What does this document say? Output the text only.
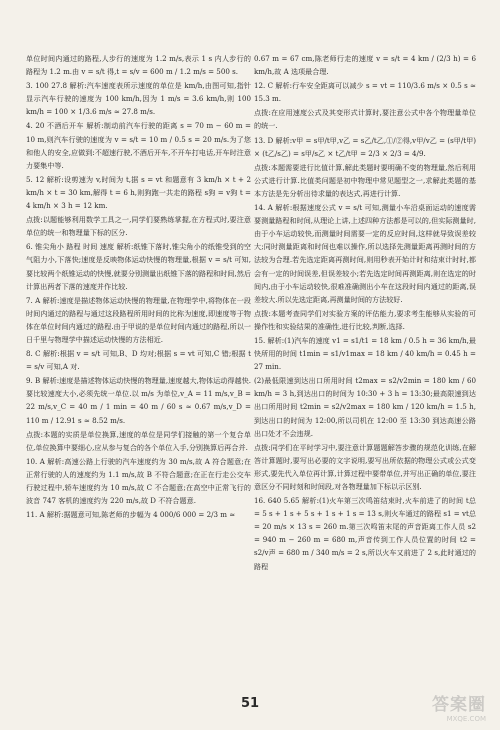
单位时间内通过的路程,人步行的速度为 1.2 m/s,表示 1 s 内人步行的路程为 1.2 m.由 v = s/t 得,t = s/v = 600 m / 1.2 m/s = 500 s.

3. 100 27.8 解析:汽车速度表所示速度的单位是 km/h,由图可知,指针显示汽车行驶的速度为 100 km/h,因为 1 m/s = 3.6 km/h,则 100 km/h = 100 × 1/3.6 m/s ≈ 27.8 m/s.

4. 20 不酒后开车 解析:制动前汽车行驶的距离 s = 70 m − 60 m = 10 m,则汽车行驶的速度为 v = s/t = 10 m / 0.5 s = 20 m/s.为了您和他人的安全,应做到:不超速行驶,不酒后开车,不开车打电话,开车时注意力要集中等.

5. 12 解析:设剪速为 v,时间为 t,据 s = vt 和题意有 3 km/h × t + 2 km/h × t = 30 km,解得 t = 6 h,则狗跑一共走的路程 s狗 = v狗 t = 4 km/h × 3 h = 12 km.

点拨:以题能够利用数学工具之一,同学们要熟练掌握,在方程式时,要注意单位的统一和物理量下标的区分.

6. 锥尖角小 路程 时间 速度 解析:纸锥下落时,锥尖角小的纸锥受到的空气阻力小,下落快;速度是反映物体运动快慢的物理量,根据 v = s/t 可知,要比较两个纸锥运动的快慢,就要分别测量出纸锥下落的路程和时间,然后计算出两者下落的速度并作比较.

7. A 解析:速度是描述物体运动快慢的物理量,在物理学中,将物体在一段时间内通过的路程与通过这段路程所用时间的比称为速度,即速度等于物体在单位时间内通过的路程.由于甲说的是单位时间内通过的路程,所以一日千里与物理学中描述运动快慢的方法相近.

8. C 解析:根据 v = s/t 可知,B、D 均对;根据 s = vt 可知,C 错;根据 t = s/v 可知,A 对.

9. B 解析:速度是描述物体运动快慢的物理量,速度越大,物体运动得越快.要比较速度大小,必须先统一单位.以 m/s 为单位,v_A = 11 m/s,v_B = 22 m/s,v_C = 40 m / 1 min = 40 m / 60 s ≈ 0.67 m/s,v_D = 110 m / 12.91 s ≈ 8.52 m/s.

点拨:本题的实质是单位换算,速度的单位是同学们接触的第一个复合单位,单位换算中要细心,应从参与复合的各个单位入手,分别换算后再合并.

10. A 解析:高速公路上行驶的汽车速度约为 30 m/s,故 A 符合题意;在正常行驶的人的速度约为 1.1 m/s,故 B 不符合题意;在正在行走公交车行驶过程中,轿车速度约为 10 m/s,故 C 不合题意;在高空中正常飞行的波音 747 客机的速度约为 220 m/s,故 D 不符合题意.

11. A 解析:据题意可知,陈老师的步幅为 4 000/6 000 = 2/3 m ≈

0.67 m = 67 cm,陈老师行走的速度 v = s/t = 4 km / (2/3 h) = 6 km/h,故 A 选项最合理.

12. C 解析:行车安全距离可以减少 s = vt = 110/3.6 m/s × 0.5 s ≈ 15.3 m.

点拨:在应用速度公式及其变形式计算时,要注意公式中各个物理量单位的统一.

13. D 解析:v甲 = s甲/t甲,v乙 = s乙/t乙,①/②得,v甲/v乙 = (s甲/t甲) × (t乙/s乙) = s甲/s乙 × t乙/t甲 = 2/3 × 2/3 = 4/9.

点拨:本题需要进行比值计算,解此类题时要明确不变的物理量,然后利用公式进行计算.比值类问题是初中物理中常见题型之一,求解此类题的基本方法是先分析出待求量的表达式,再进行计算.

14. A 解析:根据速度公式 v = s/t 可知,测量小车沿桌面运动的速度需要测量路程和时间,从理论上讲,上述四种方法都是可以的,但实际测量时,由于小车运动较快,而测量时间需要一定的反应时间,这样就导致误差较大;同时测量距离和时间也难以操作,所以选择先测量距离再测时间的方法较为合理.若先选定距离再测时间,则用秒表开始计时和结束计时时,都会有一定的时间误差,但误差较小;若先选定时间再测距离,则在选定的时间内,由于小车运动较快,很难准确测出小车在这段时间内通过的距离,误差较大.所以先选定距离,再测量时间的方法较好.

点拨:本题考查同学们对实验方案的评估能力,要求考生能够从实验的可操作性和实验结果的准确性,进行比较,判断,选择.

15. 解析:(1)汽车的速度 v1 = s1/t1 = 18 km / 0.5 h = 36 km/h,最快所用的时间 t1min = s1/v1max = 18 km / 40 km/h = 0.45 h = 27 min.

(2)最低限速到达出口所用时间 t2max = s2/v2min = 180 km / 60 km/h = 3 h,到达出口的时间为 10:30 + 3 h = 13:30;最高限速到达出口所用时间 t2min = s2/v2max = 180 km / 120 km/h = 1.5 h,到达出口的时间为 12:00,所以司机在 12:00 至 13:30 到达高速公路出口处才不会违规.

点拨:同学们在平时学习中,要注意计算题题解答步骤的规范化训练,在解答计算题时,要写出必要的文字说明,要写出所依据的物理公式或公式变形式,要先代入单位再计算,计算过程中要带单位,并写出正确的单位,要注意区分不同时刻和时间段,对各物理量加下标以示区别.

16. 640 5.65 解析:(1)火车第三次鸣笛结束时,火车前进了的时间 t总 = 5 s + 1 s + 5 s + 1 s + 1 s = 13 s,则火车通过的路程 s1 = vt总 = 20 m/s × 13 s = 260 m.第三次鸣笛末尾的声音距离工作人员 s2 = 940 m − 260 m = 680 m,声音传到工作人员位置的时间 t2 = s2/v声 = 680 m / 340 m/s = 2 s,所以火车又前进了 2 s,此时通过的路程

51	答案圈
MXQE.COM
